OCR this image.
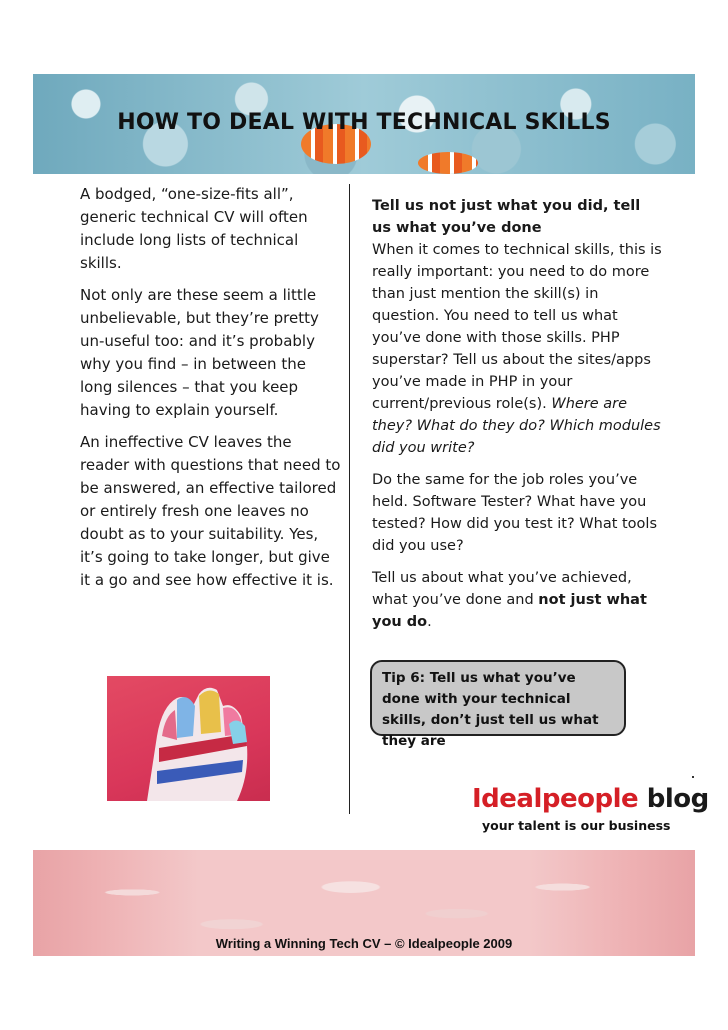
HOW TO DEAL WITH TECHNICAL SKILLS

A bodged, “one-size-fits all”, generic technical CV will often include long lists of technical skills.

Not only are these seem a little unbelievable, but they’re pretty un-useful too: and it’s probably why you find – in between the long silences – that you keep having to explain yourself.

An ineffective CV leaves the reader with questions that need to be answered, an effective tailored or entirely fresh one leaves no doubt as to your suitability. Yes, it’s going to take longer, but give it a go and see how effective it is.

Tell us not just what you did, tell us what you’ve done
When it comes to technical skills, this is really important: you need to do more than just mention the skill(s) in question. You need to tell us what you’ve done with those skills. PHP superstar? Tell us about the sites/apps you’ve made in PHP in your current/previous role(s). Where are they? What do they do? Which modules did you write?

Do the same for the job roles you’ve held. Software Tester? What have you tested? How did you test it? What tools did you use?

Tell us about what you’ve achieved, what you’ve done and not just what you do.

Tip 6: Tell us what you’ve done with your technical skills, don’t just tell us what they are
Idealpeople blog
your talent is our business
Writing a Winning Tech CV – © Idealpeople 2009
